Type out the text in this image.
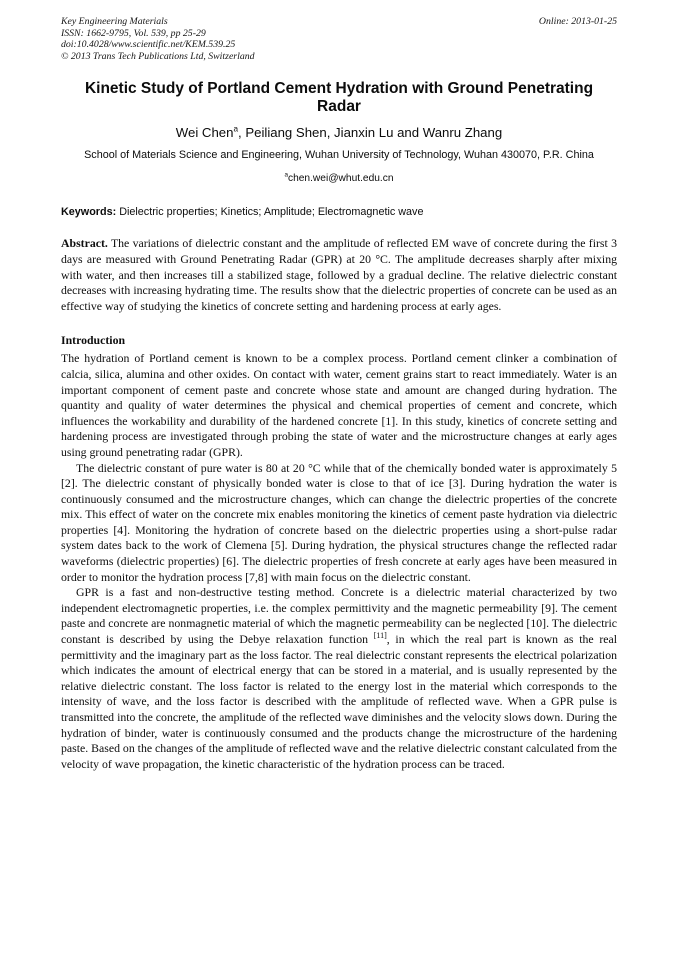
Key Engineering Materials
ISSN: 1662-9795, Vol. 539, pp 25-29
doi:10.4028/www.scientific.net/KEM.539.25
© 2013 Trans Tech Publications Ltd, Switzerland
Online: 2013-01-25
Kinetic Study of Portland Cement Hydration with Ground Penetrating Radar
Wei Chen$^a$, Peiliang Shen, Jianxin Lu and Wanru Zhang
School of Materials Science and Engineering, Wuhan University of Technology, Wuhan 430070, P.R. China
$^a$chen.wei@whut.edu.cn
Keywords: Dielectric properties; Kinetics; Amplitude; Electromagnetic wave

Abstract. The variations of dielectric constant and the amplitude of reflected EM wave of concrete during the first 3 days are measured with Ground Penetrating Radar (GPR) at 20 °C. The amplitude decreases sharply after mixing with water, and then increases till a stabilized stage, followed by a gradual decline. The relative dielectric constant decreases with increasing hydrating time. The results show that the dielectric properties of concrete can be used as an effective way of studying the kinetics of concrete setting and hardening process at early ages.

Introduction

The hydration of Portland cement is known to be a complex process. Portland cement clinker a combination of calcia, silica, alumina and other oxides. On contact with water, cement grains start to react immediately. Water is an important component of cement paste and concrete whose state and amount are changed during hydration. The quantity and quality of water determines the physical and chemical properties of cement and concrete, which influences the workability and durability of the hardened concrete [1]. In this study, kinetics of concrete setting and hardening process are investigated through probing the state of water and the microstructure changes at early ages using ground penetrating radar (GPR).

The dielectric constant of pure water is 80 at 20 °C while that of the chemically bonded water is approximately 5 [2]. The dielectric constant of physically bonded water is close to that of ice [3]. During hydration the water is continuously consumed and the microstructure changes, which can change the dielectric properties of the concrete mix. This effect of water on the concrete mix enables monitoring the kinetics of cement paste hydration via dielectric properties [4]. Monitoring the hydration of concrete based on the dielectric properties using a short-pulse radar system dates back to the work of Clemena [5]. During hydration, the physical structures change the reflected radar waveforms (dielectric properties) [6]. The dielectric properties of fresh concrete at early ages have been measured in order to monitor the hydration process [7,8] with main focus on the dielectric constant.

GPR is a fast and non-destructive testing method. Concrete is a dielectric material characterized by two independent electromagnetic properties, i.e. the complex permittivity and the magnetic permeability [9]. The cement paste and concrete are nonmagnetic material of which the magnetic permeability can be neglected [10]. The dielectric constant is described by using the Debye relaxation function [11], in which the real part is known as the real permittivity and the imaginary part as the loss factor. The real dielectric constant represents the electrical polarization which indicates the amount of electrical energy that can be stored in a material, and is usually represented by the relative dielectric constant. The loss factor is related to the energy lost in the material which corresponds to the intensity of wave, and the loss factor is described with the amplitude of reflected wave. When a GPR pulse is transmitted into the concrete, the amplitude of the reflected wave diminishes and the velocity slows down. During the hydration of binder, water is continuously consumed and the products change the microstructure of the hardening paste. Based on the changes of the amplitude of reflected wave and the relative dielectric constant calculated from the velocity of wave propagation, the kinetic characteristic of the hydration process can be traced.
